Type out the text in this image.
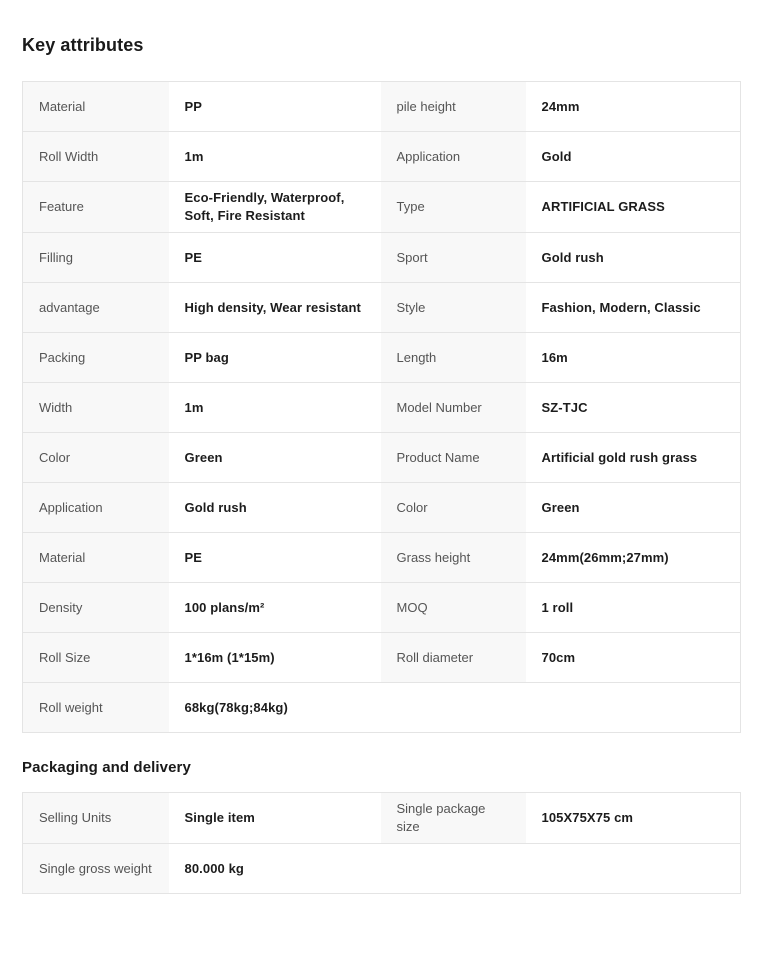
Key attributes
Material	PP	pile height	24mm
Roll Width	1m	Application	Gold
Feature	Eco-Friendly, Waterproof, Soft, Fire Resistant	Type	ARTIFICIAL GRASS
Filling	PE	Sport	Gold rush
advantage	High density, Wear resistant	Style	Fashion, Modern, Classic
Packing	PP bag	Length	16m
Width	1m	Model Number	SZ-TJC
Color	Green	Product Name	Artificial gold rush grass
Application	Gold rush	Color	Green
Material	PE	Grass height	24mm(26mm;27mm)
Density	100 plans/m²	MOQ	1 roll
Roll Size	1*16m (1*15m)	Roll diameter	70cm
Roll weight	68kg(78kg;84kg)		
Packaging and delivery
Selling Units	Single item	Single package size	105X75X75 cm
Single gross weight	80.000 kg		
